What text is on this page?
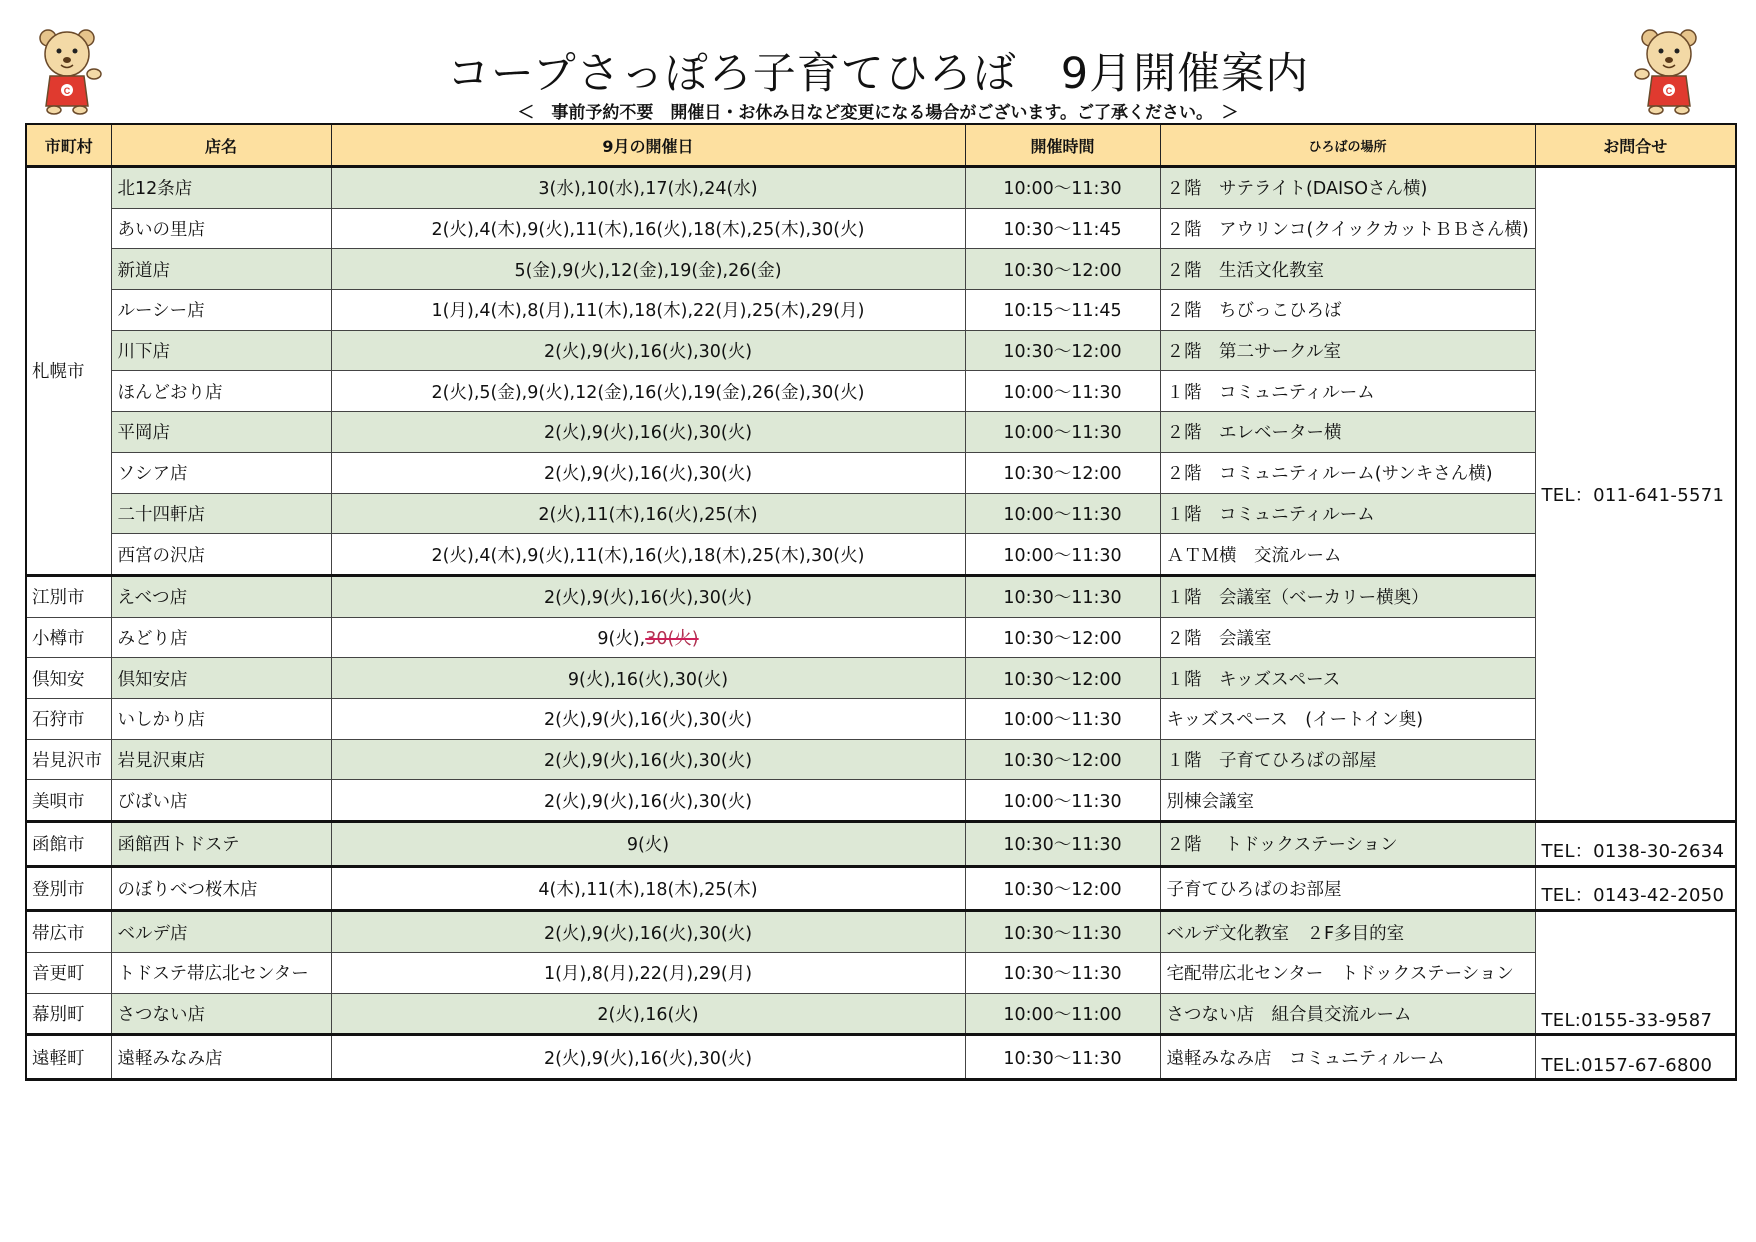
C	C
コープさっぽろ子育てひろば　9月開催案内
＜　事前予約不要　開催日・お休み日など変更になる場合がございます。ご了承ください。　＞
市町村	店名	9月の開催日	開催時間	ひろばの場所	お問合せ
札幌市	北12条店	3(水),10(水),17(水),24(水)	10:00～11:30	２階　サテライト(DAISOさん横)	TEL：011-641-5571
	あいの里店	2(火),4(木),9(火),11(木),16(火),18(木),25(木),30(火)	10:30～11:45	２階　アウリンコ(クイックカットＢＢさん横)	
	新道店	5(金),9(火),12(金),19(金),26(金)	10:30～12:00	２階　生活文化教室	
	ルーシー店	1(月),4(木),8(月),11(木),18(木),22(月),25(木),29(月)	10:15～11:45	２階　ちびっこひろば	
	川下店	2(火),9(火),16(火),30(火)	10:30～12:00	２階　第二サークル室	
	ほんどおり店	2(火),5(金),9(火),12(金),16(火),19(金),26(金),30(火)	10:00～11:30	１階　コミュニティルーム	
	平岡店	2(火),9(火),16(火),30(火)	10:00～11:30	２階　エレベーター横	
	ソシア店	2(火),9(火),16(火),30(火)	10:30～12:00	２階　コミュニティルーム(サンキさん横)	
	二十四軒店	2(火),11(木),16(火),25(木)	10:00～11:30	１階　コミュニティルーム	
	西宮の沢店	2(火),4(木),9(火),11(木),16(火),18(木),25(木),30(火)	10:00～11:30	ＡＴＭ横　交流ルーム	
江別市	えべつ店	2(火),9(火),16(火),30(火)	10:30～11:30	１階　会議室（ベーカリー横奥）	
小樽市	みどり店	9(火),30(火)	10:30～12:00	２階　会議室	
倶知安	倶知安店	9(火),16(火),30(火)	10:30～12:00	１階　キッズスペース	
石狩市	いしかり店	2(火),9(火),16(火),30(火)	10:00～11:30	キッズスペース　(イートイン奥)	
岩見沢市	岩見沢東店	2(火),9(火),16(火),30(火)	10:30～12:00	１階　子育てひろばの部屋	
美唄市	びばい店	2(火),9(火),16(火),30(火)	10:00～11:30	別棟会議室	
函館市	函館西トドステ	9(火)	10:30～11:30	２階　 トドックステーション	TEL：0138-30-2634
登別市	のぼりべつ桜木店	4(木),11(木),18(木),25(木)	10:30～12:00	子育てひろばのお部屋	TEL：0143-42-2050
帯広市	ベルデ店	2(火),9(火),16(火),30(火)	10:30～11:30	ベルデ文化教室　２F多目的室	TEL:0155-33-9587
音更町	トドステ帯広北センター	1(月),8(月),22(月),29(月)	10:30～11:30	宅配帯広北センター　トドックステーション	
幕別町	さつない店	2(火),16(火)	10:00～11:00	さつない店　組合員交流ルーム	
遠軽町	遠軽みなみ店	2(火),9(火),16(火),30(火)	10:30～11:30	遠軽みなみ店　コミュニティルーム	TEL:0157-67-6800
